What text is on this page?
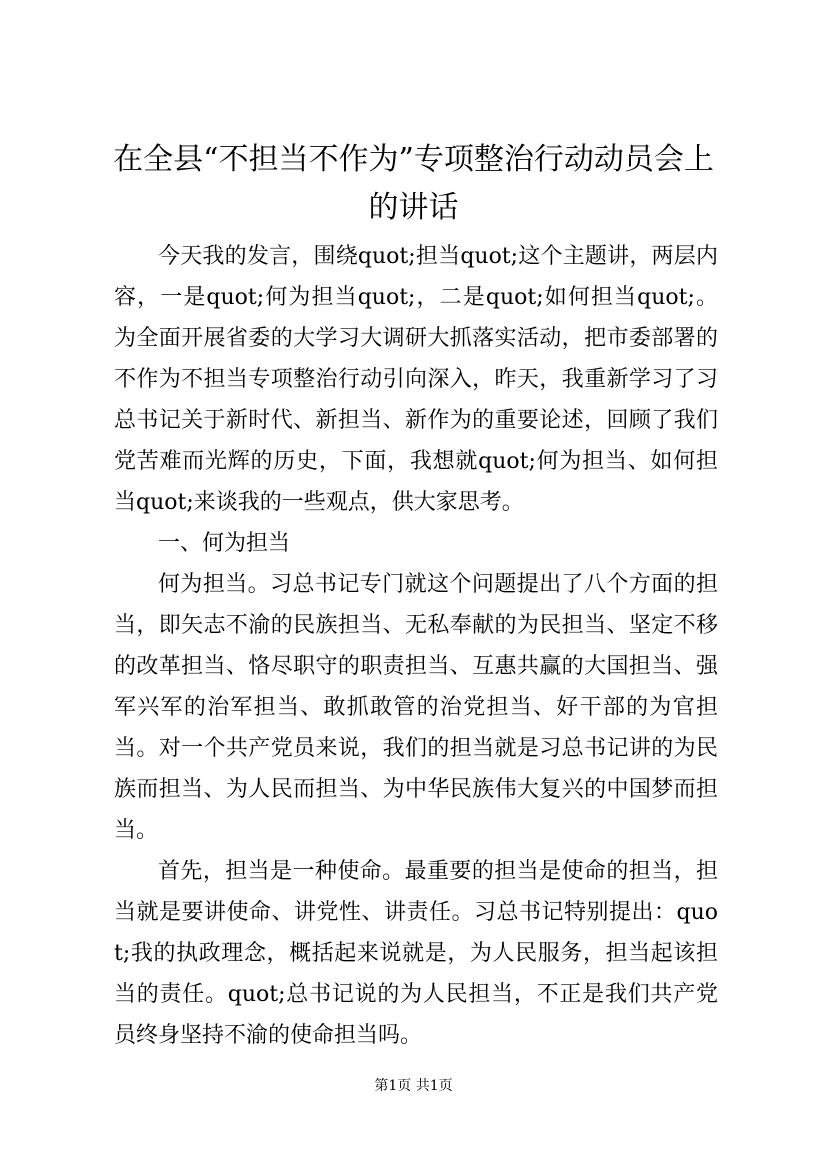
在全县“不担当不作为”专项整治行动动员会上的讲话

今天我的发言，围绕quot;担当quot;这个主题讲，两层内容，一是quot;何为担当quot;，二是quot;如何担当quot;。为全面开展省委的大学习大调研大抓落实活动，把市委部署的不作为不担当专项整治行动引向深入，昨天，我重新学习了习总书记关于新时代、新担当、新作为的重要论述，回顾了我们党苦难而光辉的历史，下面，我想就quot;何为担当、如何担当quot;来谈我的一些观点，供大家思考。

一、何为担当

何为担当。习总书记专门就这个问题提出了八个方面的担当，即矢志不渝的民族担当、无私奉献的为民担当、坚定不移的改革担当、恪尽职守的职责担当、互惠共赢的大国担当、强军兴军的治军担当、敢抓敢管的治党担当、好干部的为官担当。对一个共产党员来说，我们的担当就是习总书记讲的为民族而担当、为人民而担当、为中华民族伟大复兴的中国梦而担当。

首先，担当是一种使命。最重要的担当是使命的担当，担当就是要讲使命、讲党性、讲责任。习总书记特别提出：quot;我的执政理念，概括起来说就是，为人民服务，担当起该担当的责任。quot;总书记说的为人民担当，不正是我们共产党员终身坚持不渝的使命担当吗。

第1页 共1页
